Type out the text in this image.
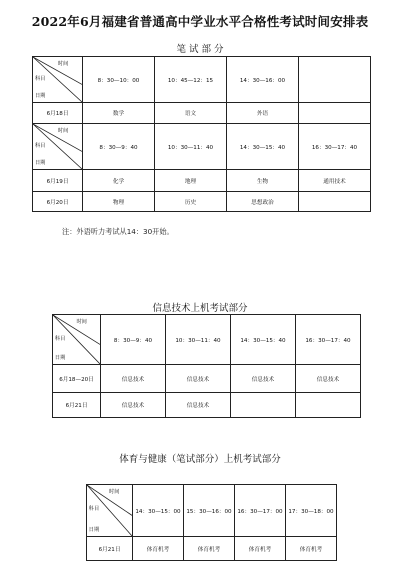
2022年6月福建省普通高中学业水平合格性考试时间安排表
笔 试 部 分
时间
科目
日期	8：30—10：00	10：45—12：15	14：30—16：00	
6月18日	数学	语文	外语	

时间
科目
日期	8：30—9：40	10：30—11：40	14：30—15：40	16：30—17：40
6月19日	化学	地理	生物	通用技术
6月20日	物理	历史	思想政治	
注：外语听力考试从14：30开始。
信息技术上机考试部分
时间
科目
日期	8：30—9：40	10：30—11：40	14：30—15：40	16：30—17：40
6月18—20日	信息技术	信息技术	信息技术	信息技术
6月21日	信息技术	信息技术		
体育与健康（笔试部分）上机考试部分
时间
科目
日期	14：30—15：00	15：30—16：00	16：30—17：00	17：30—18：00
6月21日	体育机考	体育机考	体育机考	体育机考
